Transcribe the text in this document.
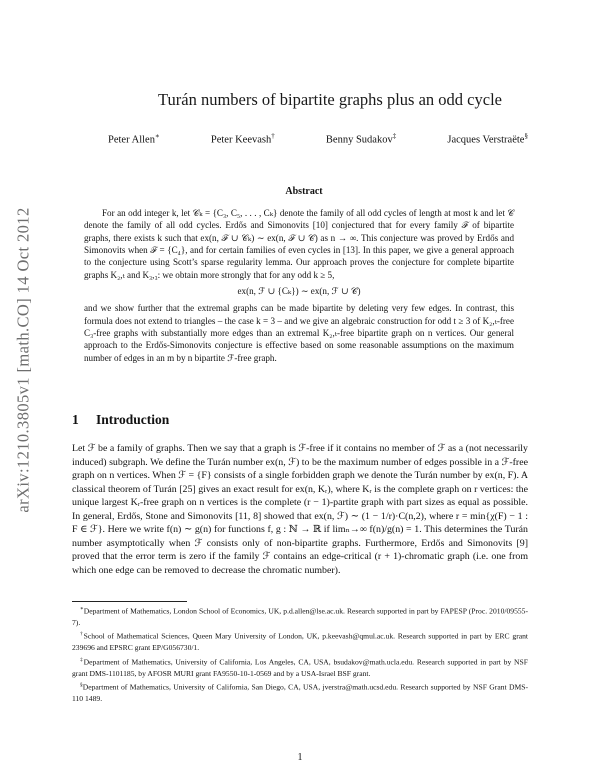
arXiv:1210.3805v1 [math.CO] 14 Oct 2012
Turán numbers of bipartite graphs plus an odd cycle
Peter Allen∗	Peter Keevash†	Benny Sudakov‡	Jacques Verstraëte§
Abstract

For an odd integer k, let 𝒞ₖ = {C₃, C₅, . . . , Cₖ} denote the family of all odd cycles of length at most k and let 𝒞 denote the family of all odd cycles. Erdős and Simonovits [10] conjectured that for every family ℱ of bipartite graphs, there exists k such that ex(n, ℱ ∪ 𝒞ₖ) ∼ ex(n, ℱ ∪ 𝒞) as n → ∞. This conjecture was proved by Erdős and Simonovits when ℱ = {C₄}, and for certain families of even cycles in [13]. In this paper, we give a general approach to the conjecture using Scott’s sparse regularity lemma. Our approach proves the conjecture for complete bipartite graphs K₂,ₜ and K₃,₃: we obtain more strongly that for any odd k ≥ 5,

ex(n, ℱ ∪ {Cₖ}) ∼ ex(n, ℱ ∪ 𝒞)

and we show further that the extremal graphs can be made bipartite by deleting very few edges. In contrast, this formula does not extend to triangles – the case k = 3 – and we give an algebraic construction for odd t ≥ 3 of K₂,ₜ-free C₃-free graphs with substantially more edges than an extremal K₂,ₜ-free bipartite graph on n vertices. Our general approach to the Erdős-Simonovits conjecture is effective based on some reasonable assumptions on the maximum number of edges in an m by n bipartite ℱ-free graph.

1 Introduction

Let ℱ be a family of graphs. Then we say that a graph is ℱ-free if it contains no member of ℱ as a (not necessarily induced) subgraph. We define the Turán number ex(n, ℱ) to be the maximum number of edges possible in a ℱ-free graph on n vertices. When ℱ = {F} consists of a single forbidden graph we denote the Turán number by ex(n, F). A classical theorem of Turán [25] gives an exact result for ex(n, Kᵣ), where Kᵣ is the complete graph on r vertices: the unique largest Kᵣ-free graph on n vertices is the complete (r − 1)-partite graph with part sizes as equal as possible. In general, Erdős, Stone and Simonovits [11, 8] showed that ex(n, ℱ) ∼ (1 − 1/r)·C(n,2), where r = min{χ(F) − 1 : F ∈ ℱ}. Here we write f(n) ∼ g(n) for functions f, g : ℕ → ℝ if limₙ→∞ f(n)/g(n) = 1. This determines the Turán number asymptotically when ℱ consists only of non-bipartite graphs. Furthermore, Erdős and Simonovits [9] proved that the error term is zero if the family ℱ contains an edge-critical (r + 1)-chromatic graph (i.e. one from which one edge can be removed to decrease the chromatic number).

∗Department of Mathematics, London School of Economics, UK, p.d.allen@lse.ac.uk. Research supported in part by FAPESP (Proc. 2010/09555-7).

†School of Mathematical Sciences, Queen Mary University of London, UK, p.keevash@qmul.ac.uk. Research supported in part by ERC grant 239696 and EPSRC grant EP/G056730/1.

‡Department of Mathematics, University of California, Los Angeles, CA, USA, bsudakov@math.ucla.edu. Research supported in part by NSF grant DMS-1101185, by AFOSR MURI grant FA9550-10-1-0569 and by a USA-Israel BSF grant.

§Department of Mathematics, University of California, San Diego, CA, USA, jverstra@math.ucsd.edu. Research supported by NSF Grant DMS-110 1489.

1
